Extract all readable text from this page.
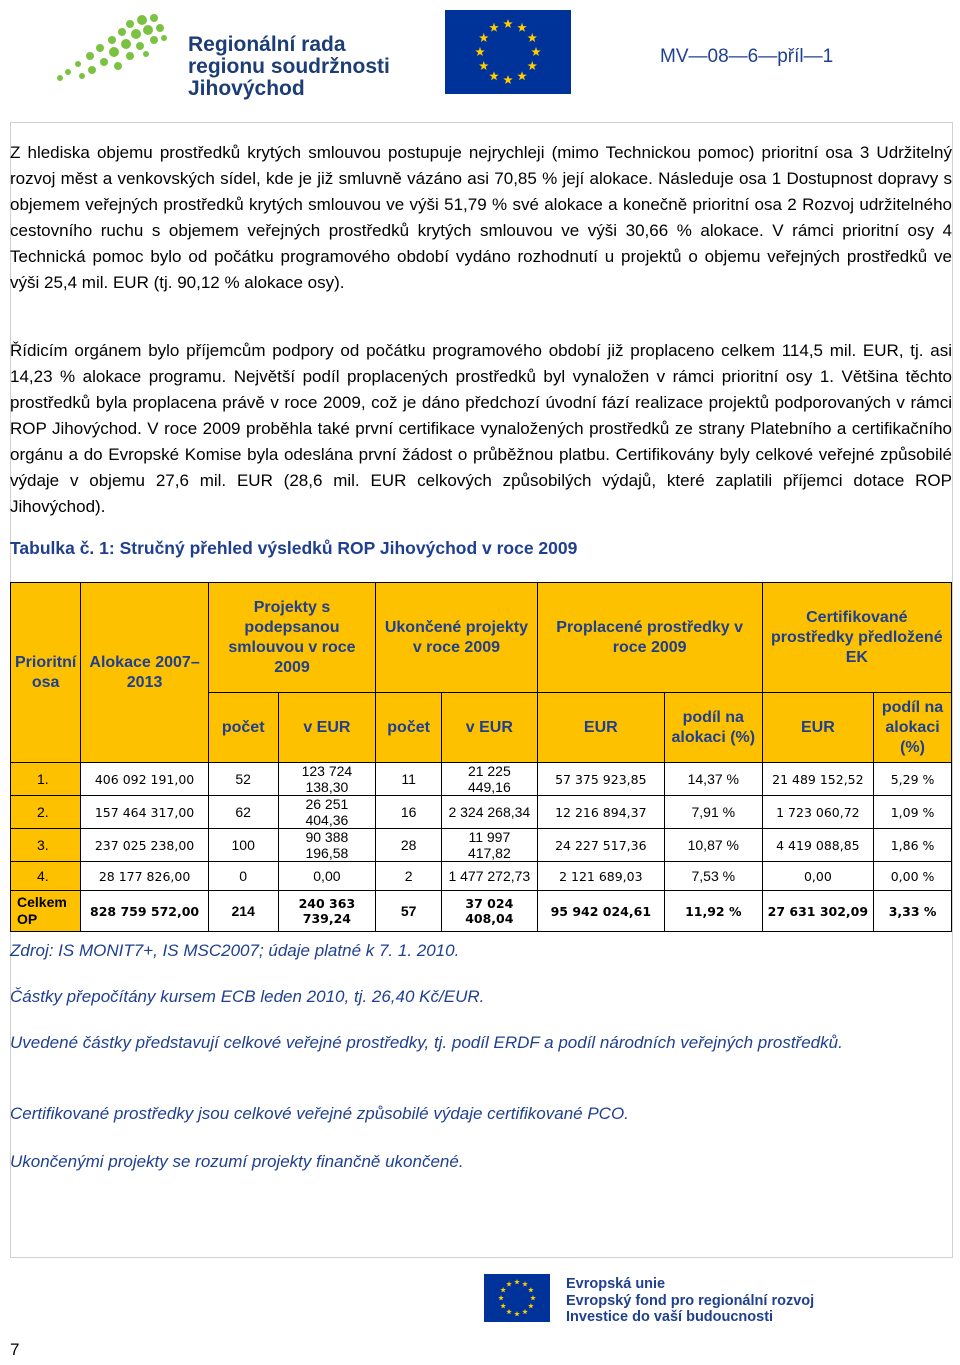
Regionální rada
regionu soudržnosti
Jihovýchod
MV—08—6—příl—1

Z hlediska objemu prostředků krytých smlouvou postupuje nejrychleji (mimo Technickou pomoc) prioritní osa 3 Udržitelný rozvoj měst a venkovských sídel, kde je již smluvně vázáno asi 70,85 % její alokace. Následuje osa 1 Dostupnost dopravy s objemem veřejných prostředků krytých smlouvou ve výši 51,79 % své alokace a konečně prioritní osa 2 Rozvoj udržitelného cestovního ruchu s objemem veřejných prostředků krytých smlouvou ve výši 30,66 % alokace. V rámci prioritní osy 4 Technická pomoc bylo od počátku programového období vydáno rozhodnutí u projektů o objemu veřejných prostředků ve výši 25,4 mil. EUR (tj. 90,12 % alokace osy).

Řídicím orgánem bylo příjemcům podpory od počátku programového období již proplaceno celkem 114,5 mil. EUR, tj. asi 14,23 % alokace programu. Největší podíl proplacených prostředků byl vynaložen v rámci prioritní osy 1. Většina těchto prostředků byla proplacena právě v roce 2009, což je dáno předchozí úvodní fází realizace projektů podporovaných v rámci ROP Jihovýchod. V roce 2009 proběhla také první certifikace vynaložených prostředků ze strany Platebního a certifikačního orgánu a do Evropské Komise byla odeslána první žádost o průběžnou platbu. Certifikovány byly celkové veřejné způsobilé výdaje v objemu 27,6 mil. EUR (28,6 mil. EUR celkových způsobilých výdajů, které zaplatili příjemci dotace ROP Jihovýchod).

Tabulka č. 1: Stručný přehled výsledků ROP Jihovýchod v roce 2009
Prioritní osa	Alokace 2007–2013	Projekty s podepsanou smlouvou v roce 2009		Ukončené projekty v roce 2009		Proplacené prostředky v roce 2009		Certifikované prostředky předložené EK	
		počet	v EUR	počet	v EUR	EUR	podíl na alokaci (%)	EUR	podíl na alokaci (%)
1.	406 092 191,00	52	123 724 138,30	11	21 225 449,16	57 375 923,85	14,37 %	21 489 152,52	5,29 %
2.	157 464 317,00	62	26 251 404,36	16	2 324 268,34	12 216 894,37	7,91 %	1 723 060,72	1,09 %
3.	237 025 238,00	100	90 388 196,58	28	11 997 417,82	24 227 517,36	10,87 %	4 419 088,85	1,86 %
4.	28 177 826,00	0	0,00	2	1 477 272,73	2 121 689,03	7,53 %	0,00	0,00 %
Celkem OP	828 759 572,00	214	240 363 739,24	57	37 024 408,04	95 942 024,61	11,92 %	27 631 302,09	3,33 %

Zdroj: IS MONIT7+, IS MSC2007; údaje platné k 7. 1. 2010.

Částky přepočítány kursem ECB leden 2010, tj. 26,40 Kč/EUR.

Uvedené částky představují celkové veřejné prostředky, tj. podíl ERDF a podíl národních veřejných prostředků.

Certifikované prostředky jsou celkové veřejné způsobilé výdaje certifikované PCO.

Ukončenými projekty se rozumí projekty finančně ukončené.

Evropská unie
Evropský fond pro regionální rozvoj
Investice do vaší budoucnosti
7
